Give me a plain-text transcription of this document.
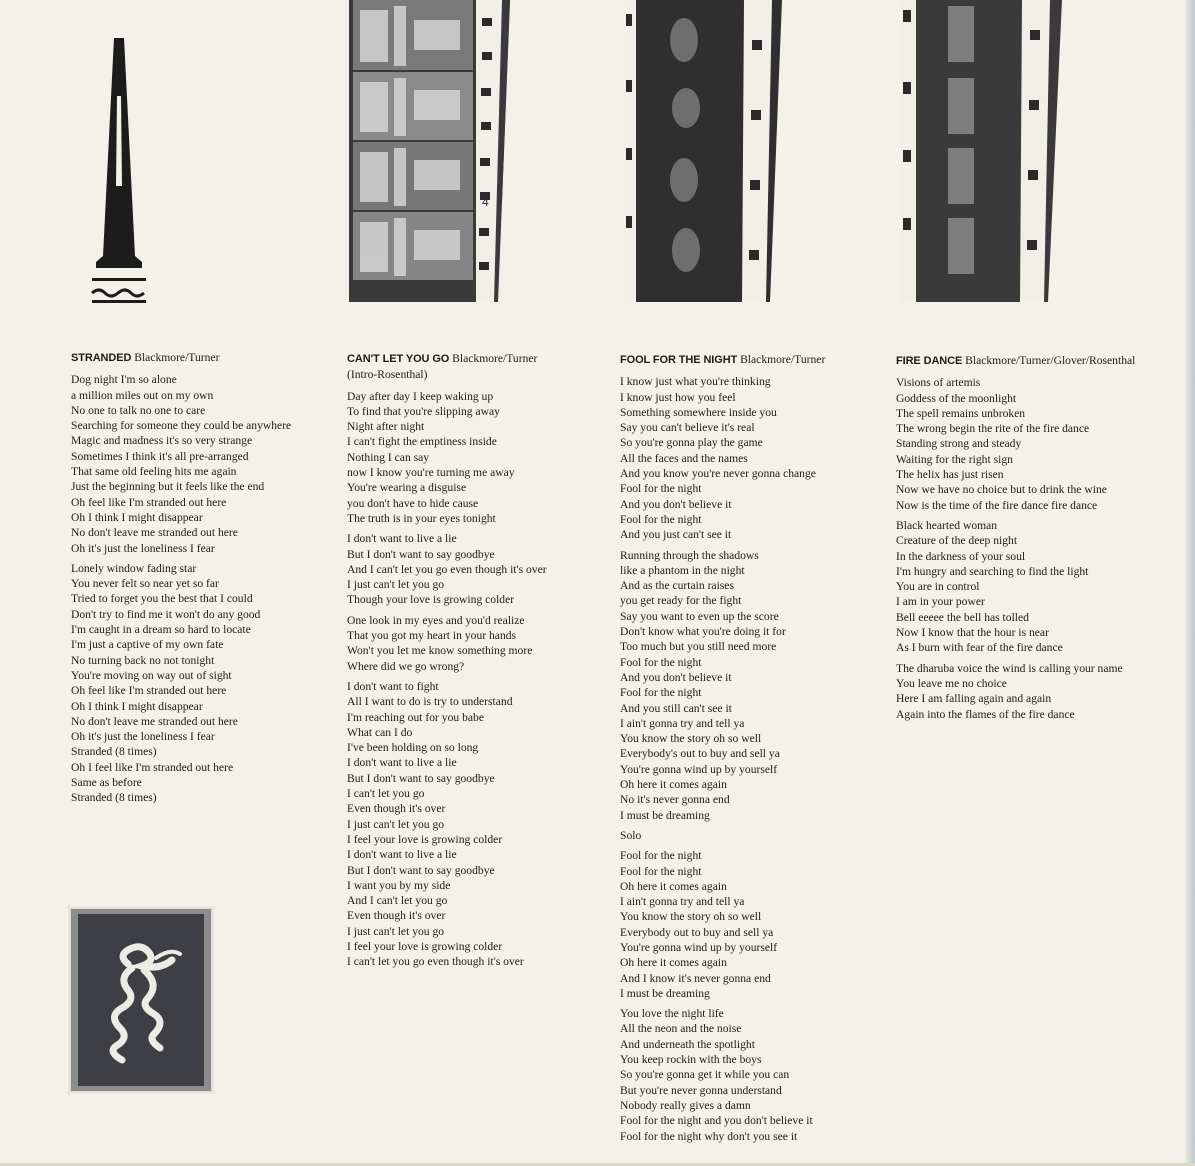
4
STRANDED Blackmore/Turner
Dog night I'm so alone
a million miles out on my own
No one to talk no one to care
Searching for someone they could be anywhere
Magic and madness it's so very strange
Sometimes I think it's all pre-arranged
That same old feeling hits me again
Just the beginning but it feels like the end
Oh feel like I'm stranded out here
Oh I think I might disappear
No don't leave me stranded out here
Oh it's just the loneliness I fear
Lonely window fading star
You never felt so near yet so far
Tried to forget you the best that I could
Don't try to find me it won't do any good
I'm caught in a dream so hard to locate
I'm just a captive of my own fate
No turning back no not tonight
You're moving on way out of sight
Oh feel like I'm stranded out here
Oh I think I might disappear
No don't leave me stranded out here
Oh it's just the loneliness I fear
Stranded (8 times)
Oh I feel like I'm stranded out here
Same as before
Stranded (8 times)
CAN'T LET YOU GO Blackmore/Turner
(Intro-Rosenthal)
Day after day I keep waking up
To find that you're slipping away
Night after night
I can't fight the emptiness inside
Nothing I can say
now I know you're turning me away
You're wearing a disguise
you don't have to hide cause
The truth is in your eyes tonight
I don't want to live a lie
But I don't want to say goodbye
And I can't let you go even though it's over
I just can't let you go
Though your love is growing colder
One look in my eyes and you'd realize
That you got my heart in your hands
Won't you let me know something more
Where did we go wrong?
I don't want to fight
All I want to do is try to understand
I'm reaching out for you babe
What can I do
I've been holding on so long
I don't want to live a lie
But I don't want to say goodbye
I can't let you go
Even though it's over
I just can't let you go
I feel your love is growing colder
I don't want to live a lie
But I don't want to say goodbye
I want you by my side
And I can't let you go
Even though it's over
I just can't let you go
I feel your love is growing colder
I can't let you go even though it's over
FOOL FOR THE NIGHT Blackmore/Turner
I know just what you're thinking
I know just how you feel
Something somewhere inside you
Say you can't believe it's real
So you're gonna play the game
All the faces and the names
And you know you're never gonna change
Fool for the night
And you don't believe it
Fool for the night
And you just can't see it
Running through the shadows
like a phantom in the night
And as the curtain raises
you get ready for the fight
Say you want to even up the score
Don't know what you're doing it for
Too much but you still need more
Fool for the night
And you don't believe it
Fool for the night
And you still can't see it
I ain't gonna try and tell ya
You know the story oh so well
Everybody's out to buy and sell ya
You're gonna wind up by yourself
Oh here it comes again
No it's never gonna end
I must be dreaming
Solo
Fool for the night
Fool for the night
Oh here it comes again
I ain't gonna try and tell ya
You know the story oh so well
Everybody out to buy and sell ya
You're gonna wind up by yourself
Oh here it comes again
And I know it's never gonna end
I must be dreaming
You love the night life
All the neon and the noise
And underneath the spotlight
You keep rockin with the boys
So you're gonna get it while you can
But you're never gonna understand
Nobody really gives a damn
Fool for the night and you don't believe it
Fool for the night why don't you see it
FIRE DANCE Blackmore/Turner/Glover/Rosenthal
Visions of artemis
Goddess of the moonlight
The spell remains unbroken
The wrong begin the rite of the fire dance
Standing strong and steady
Waiting for the right sign
The helix has just risen
Now we have no choice but to drink the wine
Now is the time of the fire dance fire dance
Black hearted woman
Creature of the deep night
In the darkness of your soul
I'm hungry and searching to find the light
You are in control
I am in your power
Bell eeeee the bell has tolled
Now I know that the hour is near
As I burn with fear of the fire dance
The dharuba voice the wind is calling your name
You leave me no choice
Here I am falling again and again
Again into the flames of the fire dance
